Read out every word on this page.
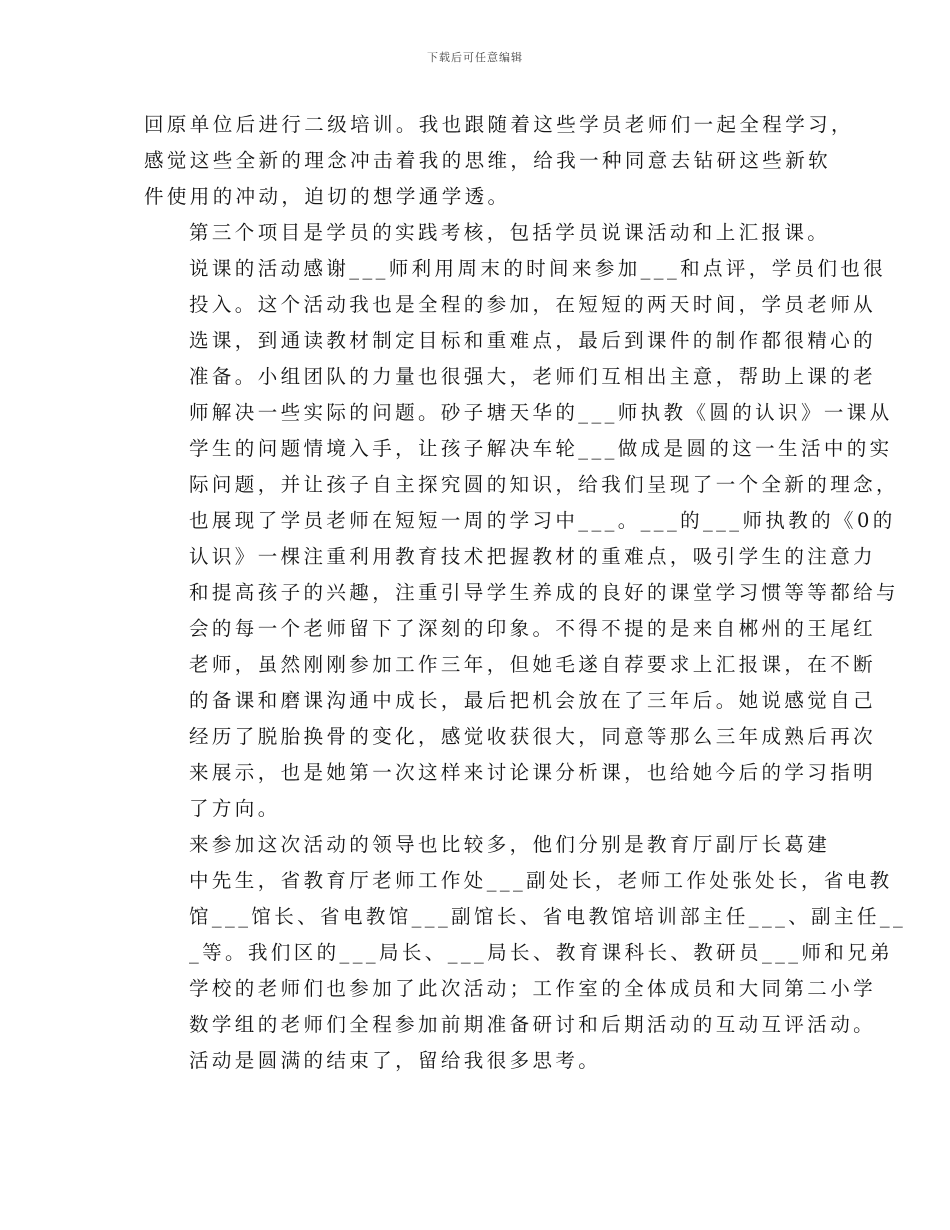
下载后可任意编辑

回原单位后进行二级培训。我也跟随着这些学员老师们一起全程学习，
感觉这些全新的理念冲击着我的思维，给我一种同意去钻研这些新软
件使用的冲动，迫切的想学通学透。

第三个项目是学员的实践考核，包括学员说课活动和上汇报课。
说课的活动感谢___师利用周末的时间来参加___和点评，学员们也很
投入。这个活动我也是全程的参加，在短短的两天时间，学员老师从
选课，到通读教材制定目标和重难点，最后到课件的制作都很精心的
准备。小组团队的力量也很强大，老师们互相出主意，帮助上课的老
师解决一些实际的问题。砂子塘天华的___师执教《圆的认识》一课从
学生的问题情境入手，让孩子解决车轮___做成是圆的这一生活中的实
际问题，并让孩子自主探究圆的知识，给我们呈现了一个全新的理念，
也展现了学员老师在短短一周的学习中___。___的___师执教的《0的
认识》一棵注重利用教育技术把握教材的重难点，吸引学生的注意力
和提高孩子的兴趣，注重引导学生养成的良好的课堂学习惯等等都给与
会的每一个老师留下了深刻的印象。不得不提的是来自郴州的王尾红
老师，虽然刚刚参加工作三年，但她毛遂自荐要求上汇报课，在不断
的备课和磨课沟通中成长，最后把机会放在了三年后。她说感觉自己
经历了脱胎换骨的变化，感觉收获很大，同意等那么三年成熟后再次
来展示，也是她第一次这样来讨论课分析课，也给她今后的学习指明
了方向。

来参加这次活动的领导也比较多，他们分别是教育厅副厅长葛建
中先生，省教育厅老师工作处___副处长，老师工作处张处长，省电教
馆___馆长、省电教馆___副馆长、省电教馆培训部主任___、副主任__
_等。我们区的___局长、___局长、教育课科长、教研员___师和兄弟
学校的老师们也参加了此次活动；工作室的全体成员和大同第二小学
数学组的老师们全程参加前期准备研讨和后期活动的互动互评活动。

活动是圆满的结束了，留给我很多思考。
